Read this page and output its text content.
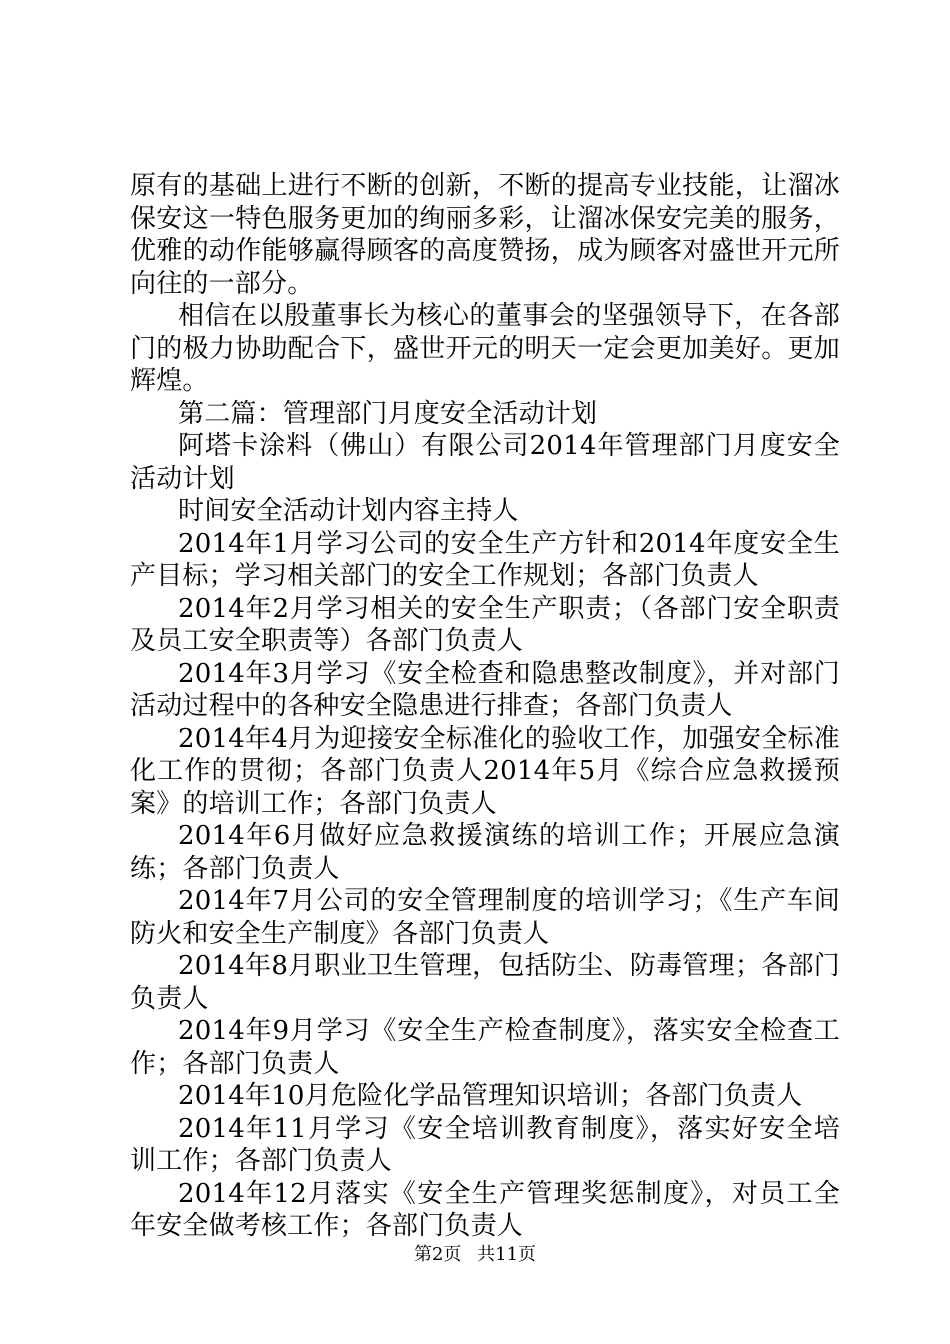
原有的基础上进行不断的创新，不断的提高专业技能，让溜冰保安这一特色服务更加的绚丽多彩，让溜冰保安完美的服务，优雅的动作能够赢得顾客的高度赞扬，成为顾客对盛世开元所向往的一部分。

相信在以殷董事长为核心的董事会的坚强领导下，在各部门的极力协助配合下，盛世开元的明天一定会更加美好。更加辉煌。

第二篇：管理部门月度安全活动计划

阿塔卡涂料（佛山）有限公司2014年管理部门月度安全活动计划

时间安全活动计划内容主持人

2014年1月学习公司的安全生产方针和2014年度安全生产目标；学习相关部门的安全工作规划；各部门负责人

2014年2月学习相关的安全生产职责；（各部门安全职责及员工安全职责等）各部门负责人

2014年3月学习《安全检查和隐患整改制度》，并对部门活动过程中的各种安全隐患进行排查；各部门负责人

2014年4月为迎接安全标准化的验收工作，加强安全标准化工作的贯彻；各部门负责人2014年5月《综合应急救援预案》的培训工作；各部门负责人

2014年6月做好应急救援演练的培训工作；开展应急演练；各部门负责人

2014年7月公司的安全管理制度的培训学习；《生产车间防火和安全生产制度》各部门负责人

2014年8月职业卫生管理，包括防尘、防毒管理；各部门负责人

2014年9月学习《安全生产检查制度》，落实安全检查工作；各部门负责人

2014年10月危险化学品管理知识培训；各部门负责人

2014年11月学习《安全培训教育制度》，落实好安全培训工作；各部门负责人

2014年12月落实《安全生产管理奖惩制度》，对员工全年安全做考核工作；各部门负责人

第2页 共11页
